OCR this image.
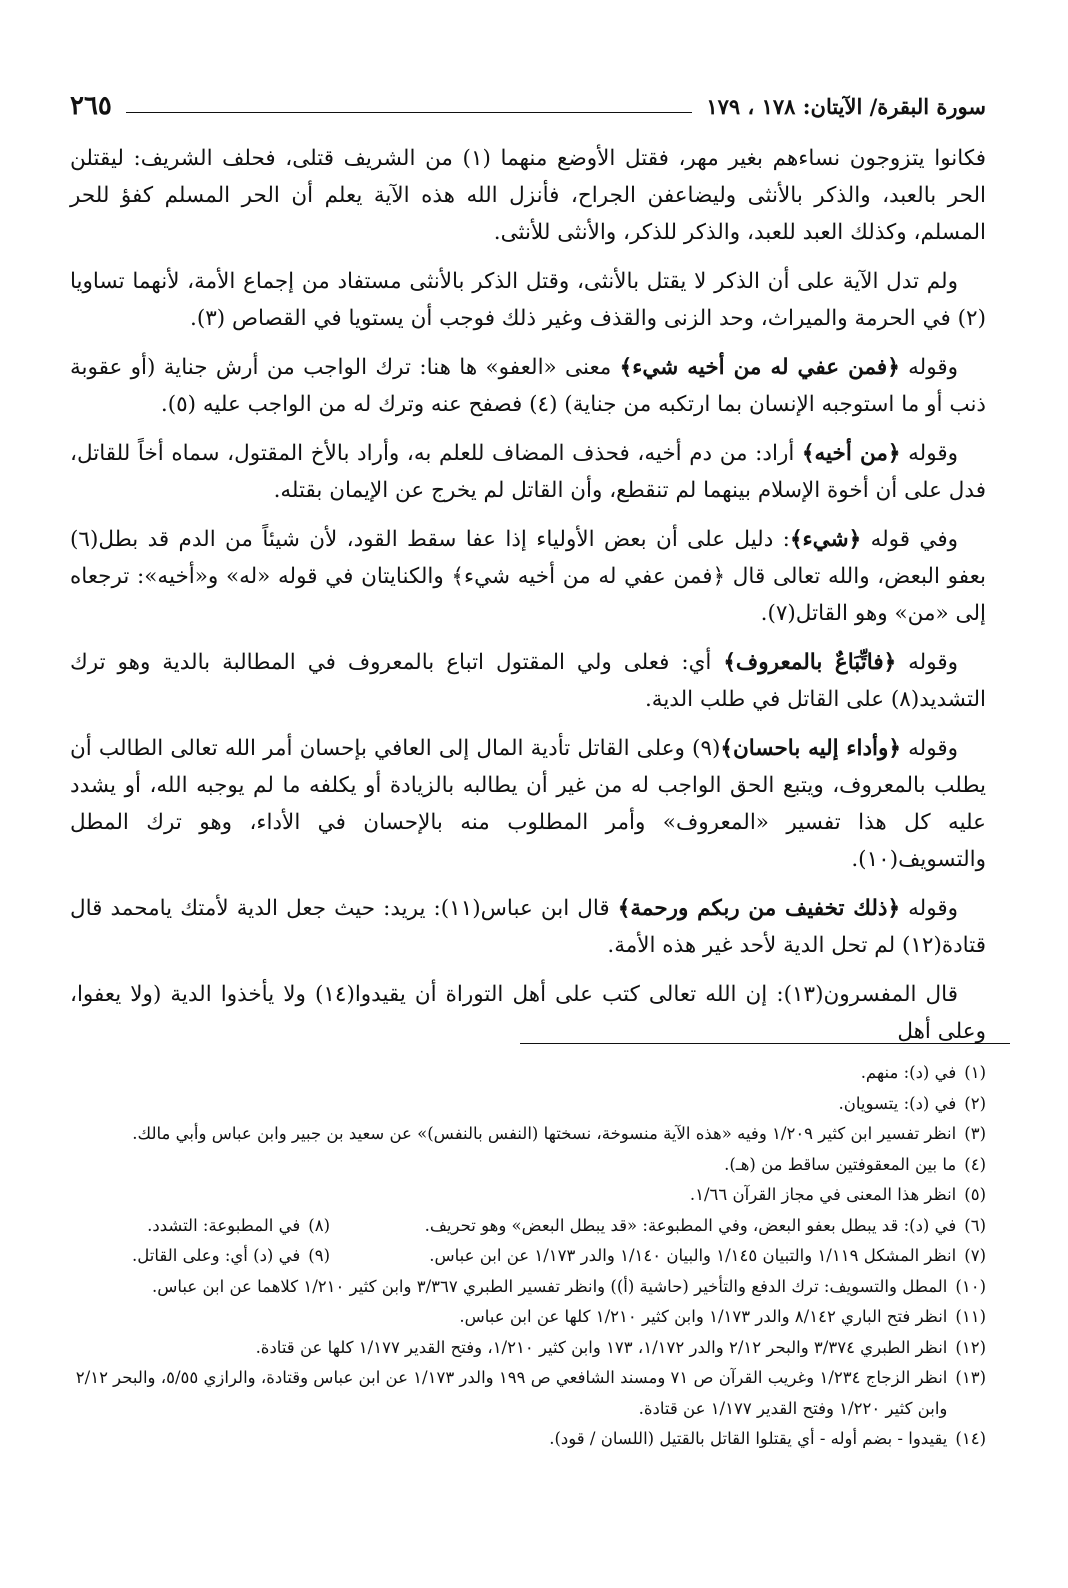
سورة البقرة/ الآيتان: ١٧٨ ، ١٧٩
٢٦٥

فكانوا يتزوجون نساءهم بغير مهر، فقتل الأوضع منهما (١) من الشريف قتلى، فحلف الشريف: ليقتلن الحر بالعبد، والذكر بالأنثى وليضاعفن الجراح، فأنزل الله هذه الآية يعلم أن الحر المسلم كفؤ للحر المسلم، وكذلك العبد للعبد، والذكر للذكر، والأنثى للأنثى.

ولم تدل الآية على أن الذكر لا يقتل بالأنثى، وقتل الذكر بالأنثى مستفاد من إجماع الأمة، لأنهما تساويا (٢) في الحرمة والميراث، وحد الزنى والقذف وغير ذلك فوجب أن يستويا في القصاص (٣).

وقوله ﴿فمن عفي له من أخيه شيء﴾ معنى «العفو» ها هنا: ترك الواجب من أرش جناية (أو عقوبة ذنب أو ما استوجبه الإنسان بما ارتكبه من جناية) (٤) فصفح عنه وترك له من الواجب عليه (٥).

وقوله ﴿من أخيه﴾ أراد: من دم أخيه، فحذف المضاف للعلم به، وأراد بالأخ المقتول، سماه أخاً للقاتل، فدل على أن أخوة الإسلام بينهما لم تنقطع، وأن القاتل لم يخرج عن الإيمان بقتله.

وفي قوله ﴿شيء﴾: دليل على أن بعض الأولياء إذا عفا سقط القود، لأن شيئاً من الدم قد بطل(٦) بعفو البعض، والله تعالى قال ﴿فمن عفي له من أخيه شيء﴾ والكنايتان في قوله «له» و«أخيه»: ترجعاه إلى «من» وهو القاتل(٧).

وقوله ﴿فاتِّبَاعٌ بالمعروف﴾ أي: فعلى ولي المقتول اتباع بالمعروف في المطالبة بالدية وهو ترك التشديد(٨) على القاتل في طلب الدية.

وقوله ﴿وأداء إليه باحسان﴾(٩) وعلى القاتل تأدية المال إلى العافي بإحسان أمر الله تعالى الطالب أن يطلب بالمعروف، ويتبع الحق الواجب له من غير أن يطالبه بالزيادة أو يكلفه ما لم يوجبه الله، أو يشدد عليه كل هذا تفسير «المعروف» وأمر المطلوب منه بالإحسان في الأداء، وهو ترك المطل والتسويف(١٠).

وقوله ﴿ذلك تخفيف من ربكم ورحمة﴾ قال ابن عباس(١١): يريد: حيث جعل الدية لأمتك يامحمد قال قتادة(١٢) لم تحل الدية لأحد غير هذه الأمة.

قال المفسرون(١٣): إن الله تعالى كتب على أهل التوراة أن يقيدوا(١٤) ولا يأخذوا الدية (ولا يعفوا، وعلى أهل

(١)
في (د): منهم.
(٢)
في (د): يتسويان.
(٣)
انظر تفسير ابن كثير ١/٢٠٩ وفيه «هذه الآية منسوخة، نسختها (النفس بالنفس)» عن سعيد بن جبير وابن عباس وأبي مالك.
(٤)
ما بين المعقوفتين ساقط من (هـ).
(٥)
انظر هذا المعنى في مجاز القرآن ١/٦٦.
(٦)
في (د): قد يبطل بعفو البعض، وفي المطبوعة: «قد يبطل البعض» وهو تحريف.
(٨)
في المطبوعة: التشدد.
(٧)
انظر المشكل ١/١١٩ والتبيان ١/١٤٥ والبيان ١/١٤٠ والدر ١/١٧٣ عن ابن عباس.
(٩)
في (د) أي: وعلى القاتل.
(١٠)
المطل والتسويف: ترك الدفع والتأخير (حاشية (أ)) وانظر تفسير الطبري ٣/٣٦٧ وابن كثير ١/٢١٠ كلاهما عن ابن عباس.
(١١)
انظر فتح الباري ٨/١٤٢ والدر ١/١٧٣ وابن كثير ١/٢١٠ كلها عن ابن عباس.
(١٢)
انظر الطبري ٣/٣٧٤ والبحر ٢/١٢ والدر ١/١٧٢، ١٧٣ وابن كثير ١/٢١٠، وفتح القدير ١/١٧٧ كلها عن قتادة.
(١٣)
انظر الزجاج ١/٢٣٤ وغريب القرآن ص ٧١ ومسند الشافعي ص ١٩٩ والدر ١/١٧٣ عن ابن عباس وقتادة، والرازي ٥/٥٥، والبحر ٢/١٢ وابن كثير ١/٢٢٠ وفتح القدير ١/١٧٧ عن قتادة.
(١٤)
يقيدوا - بضم أوله - أي يقتلوا القاتل بالقتيل (اللسان / قود).
